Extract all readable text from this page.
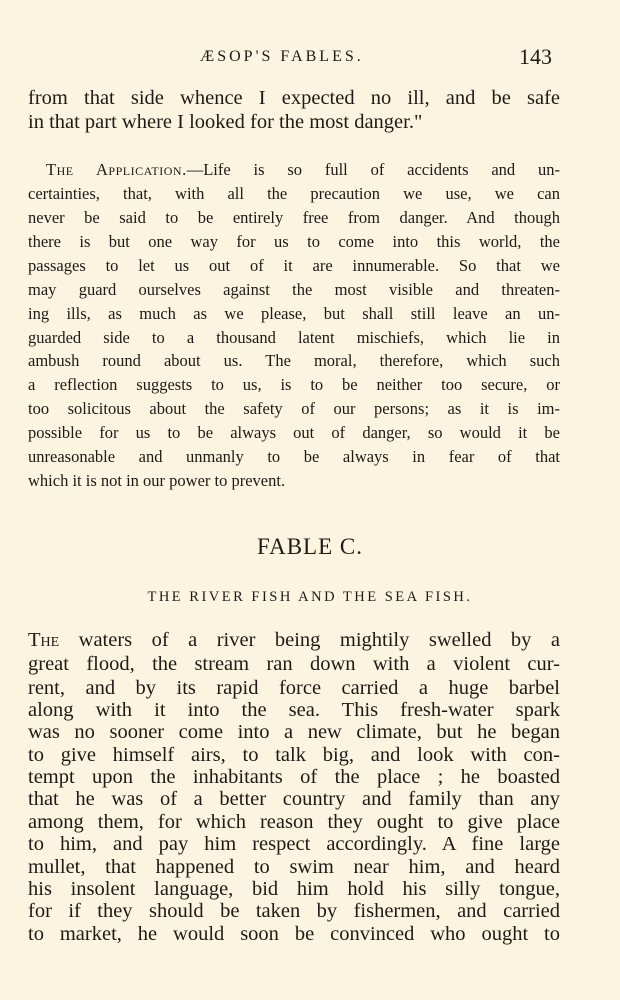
ÆSOP'S FABLES.	143
from that side whence I expected no ill, and be safe
in that part where I looked for the most danger."
The Application.—Life is so full of accidents and un-
certainties, that, with all the precaution we use, we can
never be said to be entirely free from danger. And though
there is but one way for us to come into this world, the
passages to let us out of it are innumerable. So that we
may guard ourselves against the most visible and threaten-
ing ills, as much as we please, but shall still leave an un-
guarded side to a thousand latent mischiefs, which lie in
ambush round about us. The moral, therefore, which such
a reflection suggests to us, is to be neither too secure, or
too solicitous about the safety of our persons; as it is im-
possible for us to be always out of danger, so would it be
unreasonable and unmanly to be always in fear of that
which it is not in our power to prevent.
FABLE C.
THE RIVER FISH AND THE SEA FISH.
The waters of a river being mightily swelled by a
great flood, the stream ran down with a violent cur-
rent, and by its rapid force carried a huge barbel
along with it into the sea. This fresh-water spark
was no sooner come into a new climate, but he began
to give himself airs, to talk big, and look with con-
tempt upon the inhabitants of the place ; he boasted
that he was of a better country and family than any
among them, for which reason they ought to give place
to him, and pay him respect accordingly. A fine large
mullet, that happened to swim near him, and heard
his insolent language, bid him hold his silly tongue,
for if they should be taken by fishermen, and carried
to market, he would soon be convinced who ought to
